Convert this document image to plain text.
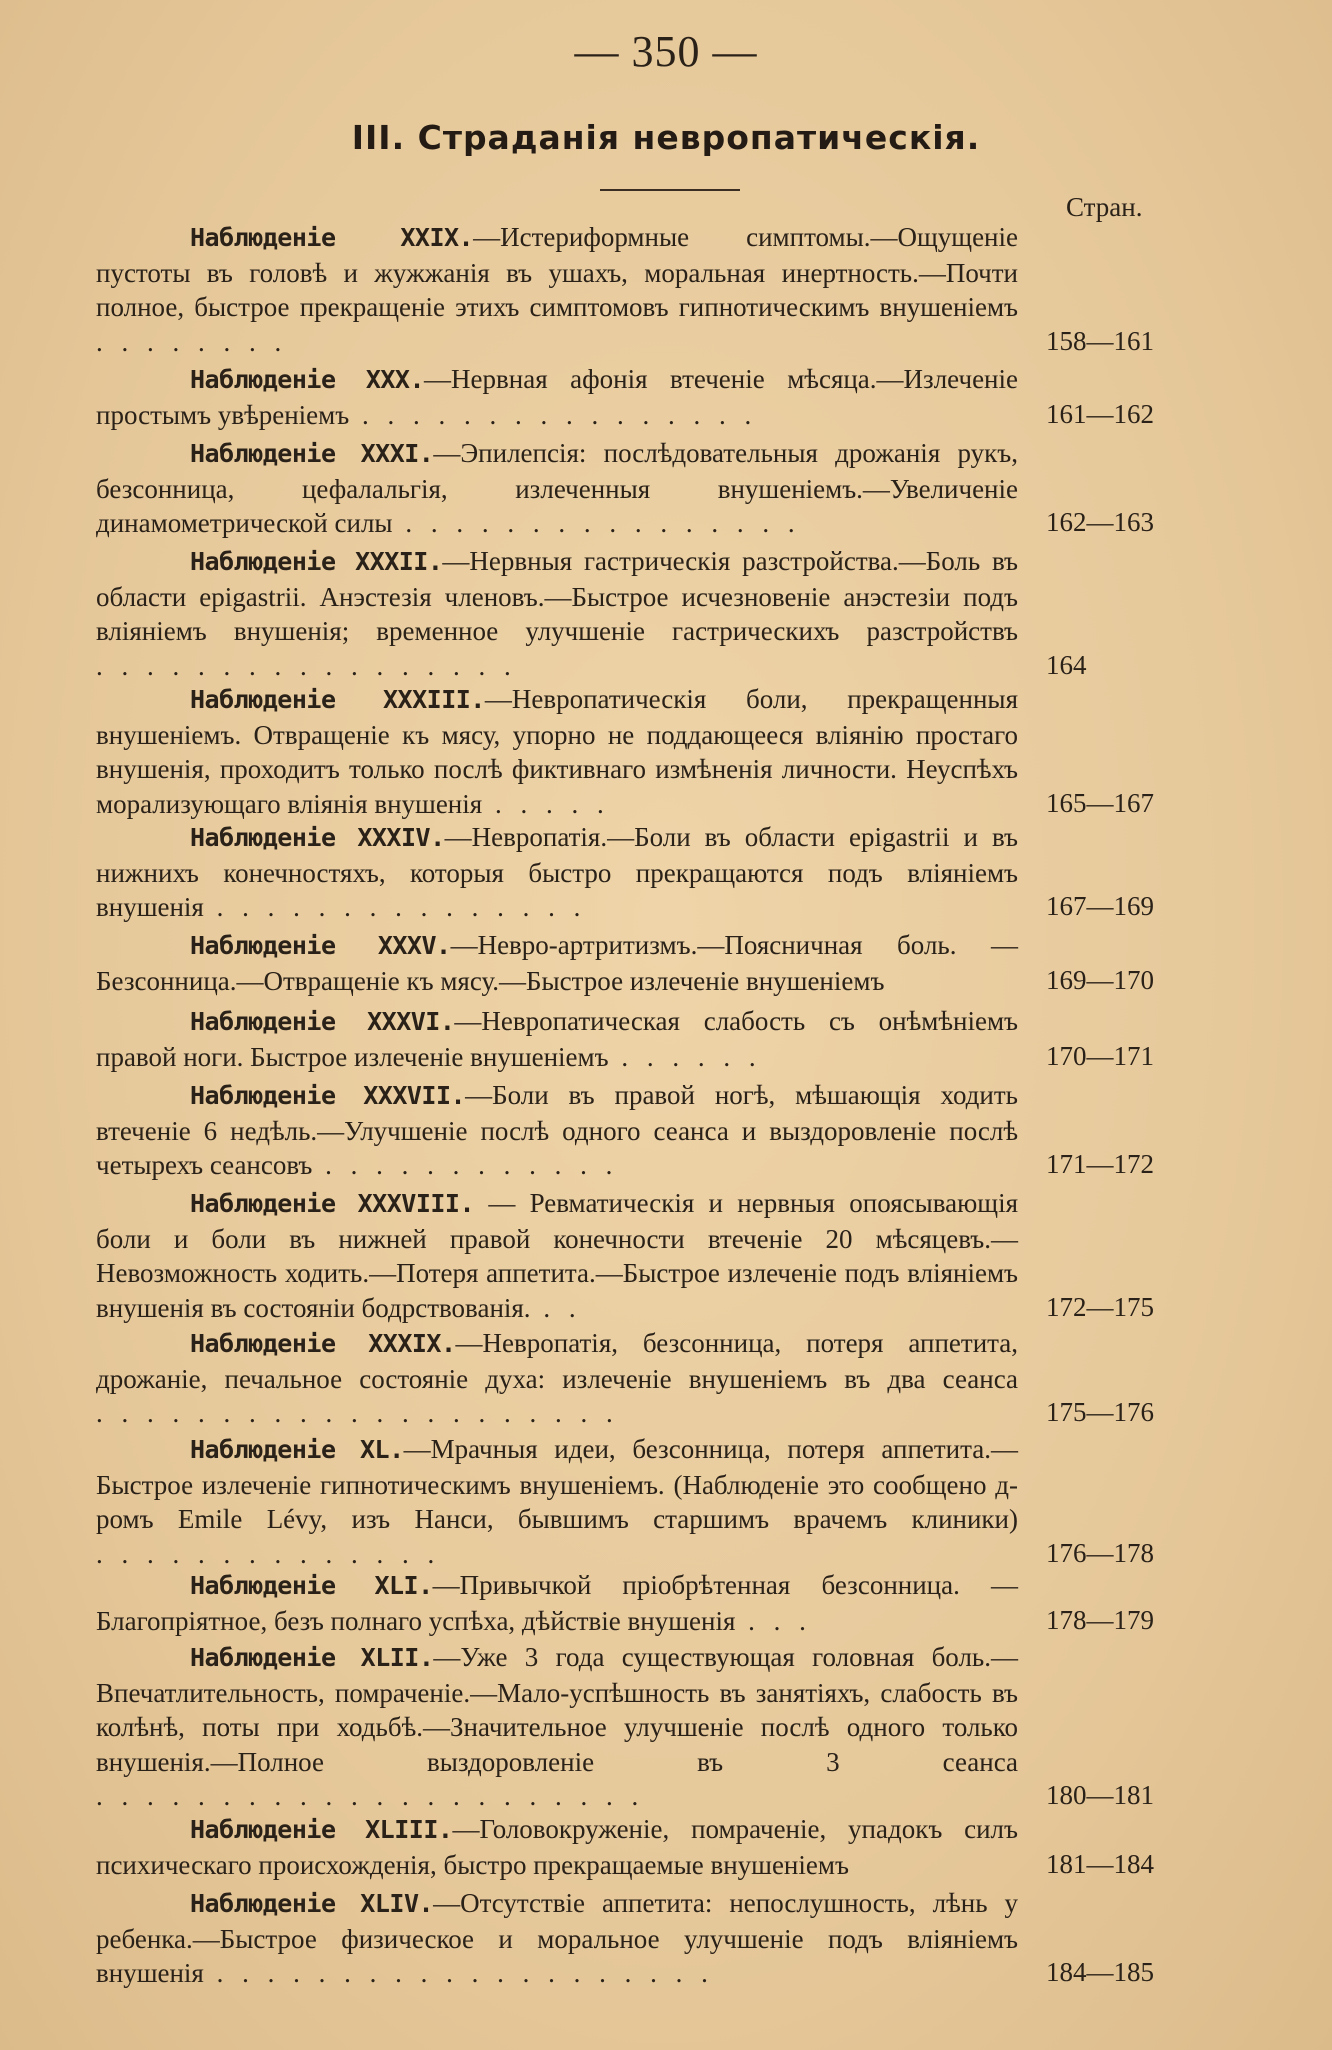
— 350 —
III. Страданія невропатическія.
Стран.
Наблюденіе XXIX.—Истериформные симптомы.—Ощущеніе пустоты въ головѣ и жужжанія въ ушахъ, моральная инертность.—Почти полное, быстрое прекращеніе этихъ симптомовъ гипнотическимъ внушеніемъ . . . . . . . .	158—161
Наблюденіе XXX.—Нервная афонія втеченіе мѣсяца.—Излеченіе простымъ увѣреніемъ . . . . . . . . . . . . . . . .	161—162
Наблюденіе XXXI.—Эпилепсія: послѣдовательныя дрожанія рукъ, безсонница, цефалальгія, излеченныя внушеніемъ.—Увеличеніе динамометрической силы . . . . . . . . . . . . . . . .	162—163
Наблюденіе XXXII.—Нервныя гастрическія разстройства.—Боль въ области epigastrii. Анэстезія членовъ.—Быстрое исчезновеніе анэстезіи подъ вліяніемъ внушенія; временное улучшеніе гастрическихъ разстройствъ . . . . . . . . . . . . . . . . .	164
Наблюденіе XXXIII.—Невропатическія боли, прекращенныя внушеніемъ. Отвращеніе къ мясу, упорно не поддающееся вліянію простаго внушенія, проходитъ только послѣ фиктивнаго измѣненія личности. Неуспѣхъ морализующаго вліянія внушенія . . . . .	165—167
Наблюденіе XXXIV.—Невропатія.—Боли въ области epigastrii и въ нижнихъ конечностяхъ, которыя быстро прекращаются подъ вліяніемъ внушенія . . . . . . . . . . . . . . .	167—169
Наблюденіе XXXV.—Невро-артритизмъ.—Поясничная боль. —Безсонница.—Отвращеніе къ мясу.—Быстрое излеченіе внушеніемъ	169—170
Наблюденіе XXXVI.—Невропатическая слабость съ онѣмѣніемъ правой ноги. Быстрое излеченіе внушеніемъ . . . . . .	170—171
Наблюденіе XXXVII.—Боли въ правой ногѣ, мѣшающія ходить втеченіе 6 недѣль.—Улучшеніе послѣ одного сеанса и выздоровленіе послѣ четырехъ сеансовъ . . . . . . . . . . . .	171—172
Наблюденіе XXXVIII. — Ревматическія и нервныя опоясывающія боли и боли въ нижней правой конечности втеченіе 20 мѣсяцевъ.—Невозможность ходить.—Потеря аппетита.—Быстрое излеченіе подъ вліяніемъ внушенія въ состояніи бодрствованія. . .	172—175
Наблюденіе XXXIX.—Невропатія, безсонница, потеря аппетита, дрожаніе, печальное состояніе духа: излеченіе внушеніемъ въ два сеанса . . . . . . . . . . . . . . . . . . . . .	175—176
Наблюденіе XL.—Мрачныя идеи, безсонница, потеря аппетита.—Быстрое излеченіе гипнотическимъ внушеніемъ. (Наблюденіе это сообщено д-ромъ Emile Lévy, изъ Нанси, бывшимъ старшимъ врачемъ клиники) . . . . . . . . . . . . . .	176—178
Наблюденіе XLI.—Привычкой пріобрѣтенная безсонница. —Благопріятное, безъ полнаго успѣха, дѣйствіе внушенія . . .	178—179
Наблюденіе XLII.—Уже 3 года существующая головная боль.—Впечатлительность, помраченіе.—Мало-успѣшность въ занятіяхъ, слабость въ колѣнѣ, поты при ходьбѣ.—Значительное улучшеніе послѣ одного только внушенія.—Полное выздоровленіе въ 3 сеанса . . . . . . . . . . . . . . . . . . . . . .	180—181
Наблюденіе XLIII.—Головокруженіе, помраченіе, упадокъ силъ психическаго происхожденія, быстро прекращаемые внушеніемъ	181—184
Наблюденіе XLIV.—Отсутствіе аппетита: непослушность, лѣнь у ребенка.—Быстрое физическое и моральное улучшеніе подъ вліяніемъ внушенія . . . . . . . . . . . . . . . . . . . .	184—185
